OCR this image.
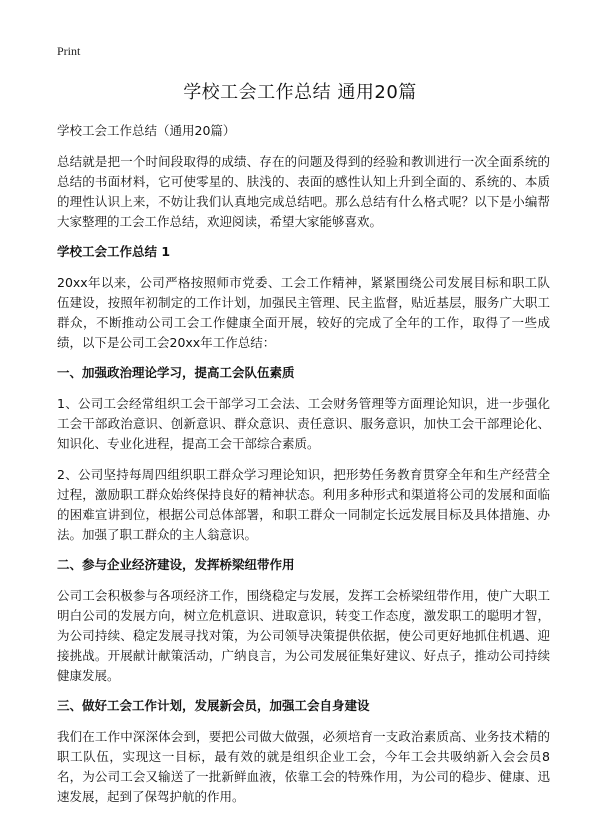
Print
学校工会工作总结 通用20篇
学校工会工作总结（通用20篇）

总结就是把一个时间段取得的成绩、存在的问题及得到的经验和教训进行一次全面系统的总结的书面材料，它可使零星的、肤浅的、表面的感性认知上升到全面的、系统的、本质的理性认识上来，不妨让我们认真地完成总结吧。那么总结有什么格式呢？以下是小编帮大家整理的工会工作总结，欢迎阅读，希望大家能够喜欢。

学校工会工作总结 1

20xx年以来，公司严格按照师市党委、工会工作精神，紧紧围绕公司发展目标和职工队伍建设，按照年初制定的工作计划，加强民主管理、民主监督，贴近基层，服务广大职工群众，不断推动公司工会工作健康全面开展，较好的完成了全年的工作，取得了一些成绩，以下是公司工会20xx年工作总结：

一、加强政治理论学习，提高工会队伍素质

1、公司工会经常组织工会干部学习工会法、工会财务管理等方面理论知识，进一步强化工会干部政治意识、创新意识、群众意识、责任意识、服务意识，加快工会干部理论化、知识化、专业化进程，提高工会干部综合素质。

2、公司坚持每周四组织职工群众学习理论知识，把形势任务教育贯穿全年和生产经营全过程，激励职工群众始终保持良好的精神状态。利用多种形式和渠道将公司的发展和面临的困难宣讲到位，根据公司总体部署，和职工群众一同制定长远发展目标及具体措施、办法。加强了职工群众的主人翁意识。

二、参与企业经济建设，发挥桥梁纽带作用

公司工会积极参与各项经济工作，围绕稳定与发展，发挥工会桥梁纽带作用，使广大职工明白公司的发展方向，树立危机意识、进取意识，转变工作态度，激发职工的聪明才智，为公司持续、稳定发展寻找对策，为公司领导决策提供依据，使公司更好地抓住机遇、迎接挑战。开展献计献策活动，广纳良言，为公司发展征集好建议、好点子，推动公司持续健康发展。

三、做好工会工作计划，发展新会员，加强工会自身建设

我们在工作中深深体会到，要把公司做大做强，必须培育一支政治素质高、业务技术精的职工队伍，实现这一目标，最有效的就是组织企业工会，今年工会共吸纳新入会会员8名，为公司工会又输送了一批新鲜血液，依靠工会的特殊作用，为公司的稳步、健康、迅速发展，起到了保驾护航的作用。
